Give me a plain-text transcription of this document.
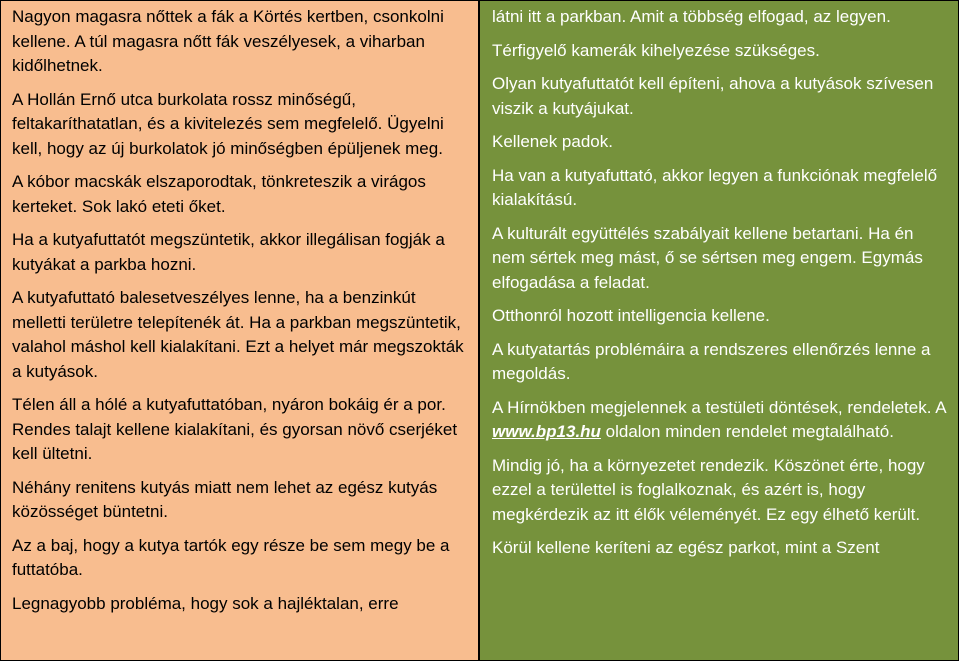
Nagyon magasra nőttek a fák a Körtés kertben, csonkolni kellene. A túl magasra nőtt fák veszélyesek, a viharban kidőlhetnek.

A Hollán Ernő utca burkolata rossz minőségű, feltakaríthatatlan, és a kivitelezés sem megfelelő. Ügyelni kell, hogy az új burkolatok jó minőségben épüljenek meg.

A kóbor macskák elszaporodtak, tönkreteszik a virágos kerteket. Sok lakó eteti őket.

Ha a kutyafuttatót megszüntetik, akkor illegálisan fogják a kutyákat a parkba hozni.

A kutyafuttató balesetveszélyes lenne, ha a benzinkút melletti területre telepítenék át. Ha a parkban megszüntetik, valahol máshol kell kialakítani. Ezt a helyet már megszokták a kutyások.

Télen áll a hólé a kutyafuttatóban, nyáron bokáig ér a por. Rendes talajt kellene kialakítani, és gyorsan növő cserjéket kell ültetni.

Néhány renitens kutyás miatt nem lehet az egész kutyás közösséget büntetni.

Az a baj, hogy a kutya tartók egy része be sem megy be a futtatóba.

Legnagyobb probléma, hogy sok a hajléktalan, erre

látni itt a parkban. Amit a többség elfogad, az legyen.

Térfigyelő kamerák kihelyezése szükséges.

Olyan kutyafuttatót kell építeni, ahova a kutyások szívesen viszik a kutyájukat.

Kellenek padok.

Ha van a kutyafuttató, akkor legyen a funkciónak megfelelő kialakítású.

A kulturált együttélés szabályait kellene betartani. Ha én nem sértek meg mást, ő se sértsen meg engem. Egymás elfogadása a feladat.

Otthonról hozott intelligencia kellene.

A kutyatartás problémáira a rendszeres ellenőrzés lenne a megoldás.

A Hírnökben megjelennek a testületi döntések, rendeletek. A www.bp13.hu oldalon minden rendelet megtalálható.

Mindig jó, ha a környezetet rendezik. Köszönet érte, hogy ezzel a területtel is foglalkoznak, és azért is, hogy megkérdezik az itt élők véleményét. Ez egy élhető került.

Körül kellene keríteni az egész parkot, mint a Szent
